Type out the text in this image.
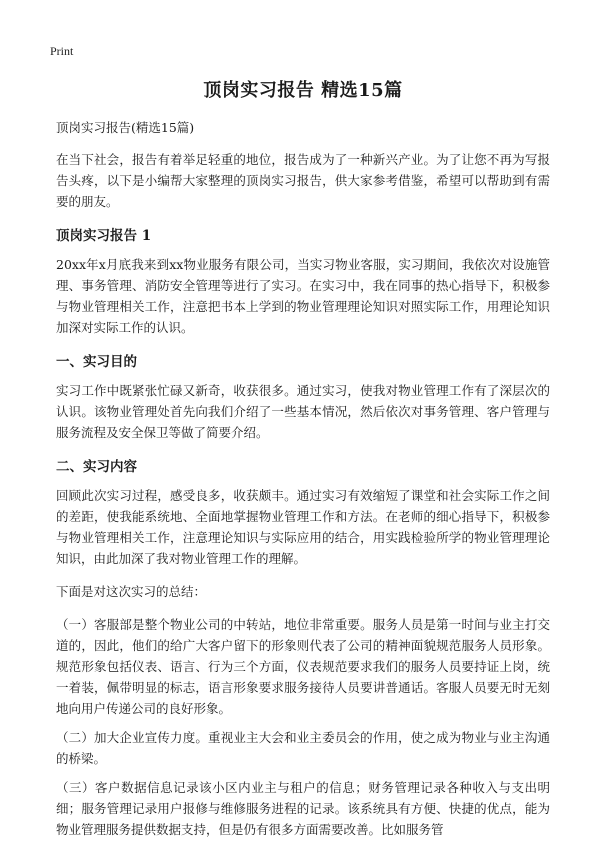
Print
顶岗实习报告 精选15篇
顶岗实习报告(精选15篇)

在当下社会，报告有着举足轻重的地位，报告成为了一种新兴产业。为了让您不再为写报告头疼，以下是小编帮大家整理的顶岗实习报告，供大家参考借鉴，希望可以帮助到有需要的朋友。

顶岗实习报告 1

20xx年x月底我来到xx物业服务有限公司，当实习物业客服，实习期间，我依次对设施管理、事务管理、消防安全管理等进行了实习。在实习中，我在同事的热心指导下，积极参与物业管理相关工作，注意把书本上学到的物业管理理论知识对照实际工作，用理论知识加深对实际工作的认识。

一、实习目的

实习工作中既紧张忙碌又新奇，收获很多。通过实习，使我对物业管理工作有了深层次的认识。该物业管理处首先向我们介绍了一些基本情况，然后依次对事务管理、客户管理与服务流程及安全保卫等做了简要介绍。

二、实习内容

回顾此次实习过程，感受良多，收获颇丰。通过实习有效缩短了课堂和社会实际工作之间的差距，使我能系统地、全面地掌握物业管理工作和方法。在老师的细心指导下，积极参与物业管理相关工作，注意理论知识与实际应用的结合，用实践检验所学的物业管理理论知识，由此加深了我对物业管理工作的理解。

下面是对这次实习的总结：

（一）客服部是整个物业公司的中转站，地位非常重要。服务人员是第一时间与业主打交道的，因此，他们的给广大客户留下的形象则代表了公司的精神面貌规范服务人员形象。规范形象包括仪表、语言、行为三个方面，仪表规范要求我们的服务人员要持证上岗，统一着装，佩带明显的标志，语言形象要求服务接待人员要讲普通话。客服人员要无时无刻地向用户传递公司的良好形象。

（二）加大企业宣传力度。重视业主大会和业主委员会的作用，使之成为物业与业主沟通的桥梁。

（三）客户数据信息记录该小区内业主与租户的信息；财务管理记录各种收入与支出明细；服务管理记录用户报修与维修服务进程的记录。该系统具有方便、快捷的优点，能为物业管理服务提供数据支持，但是仍有很多方面需要改善。比如服务管
